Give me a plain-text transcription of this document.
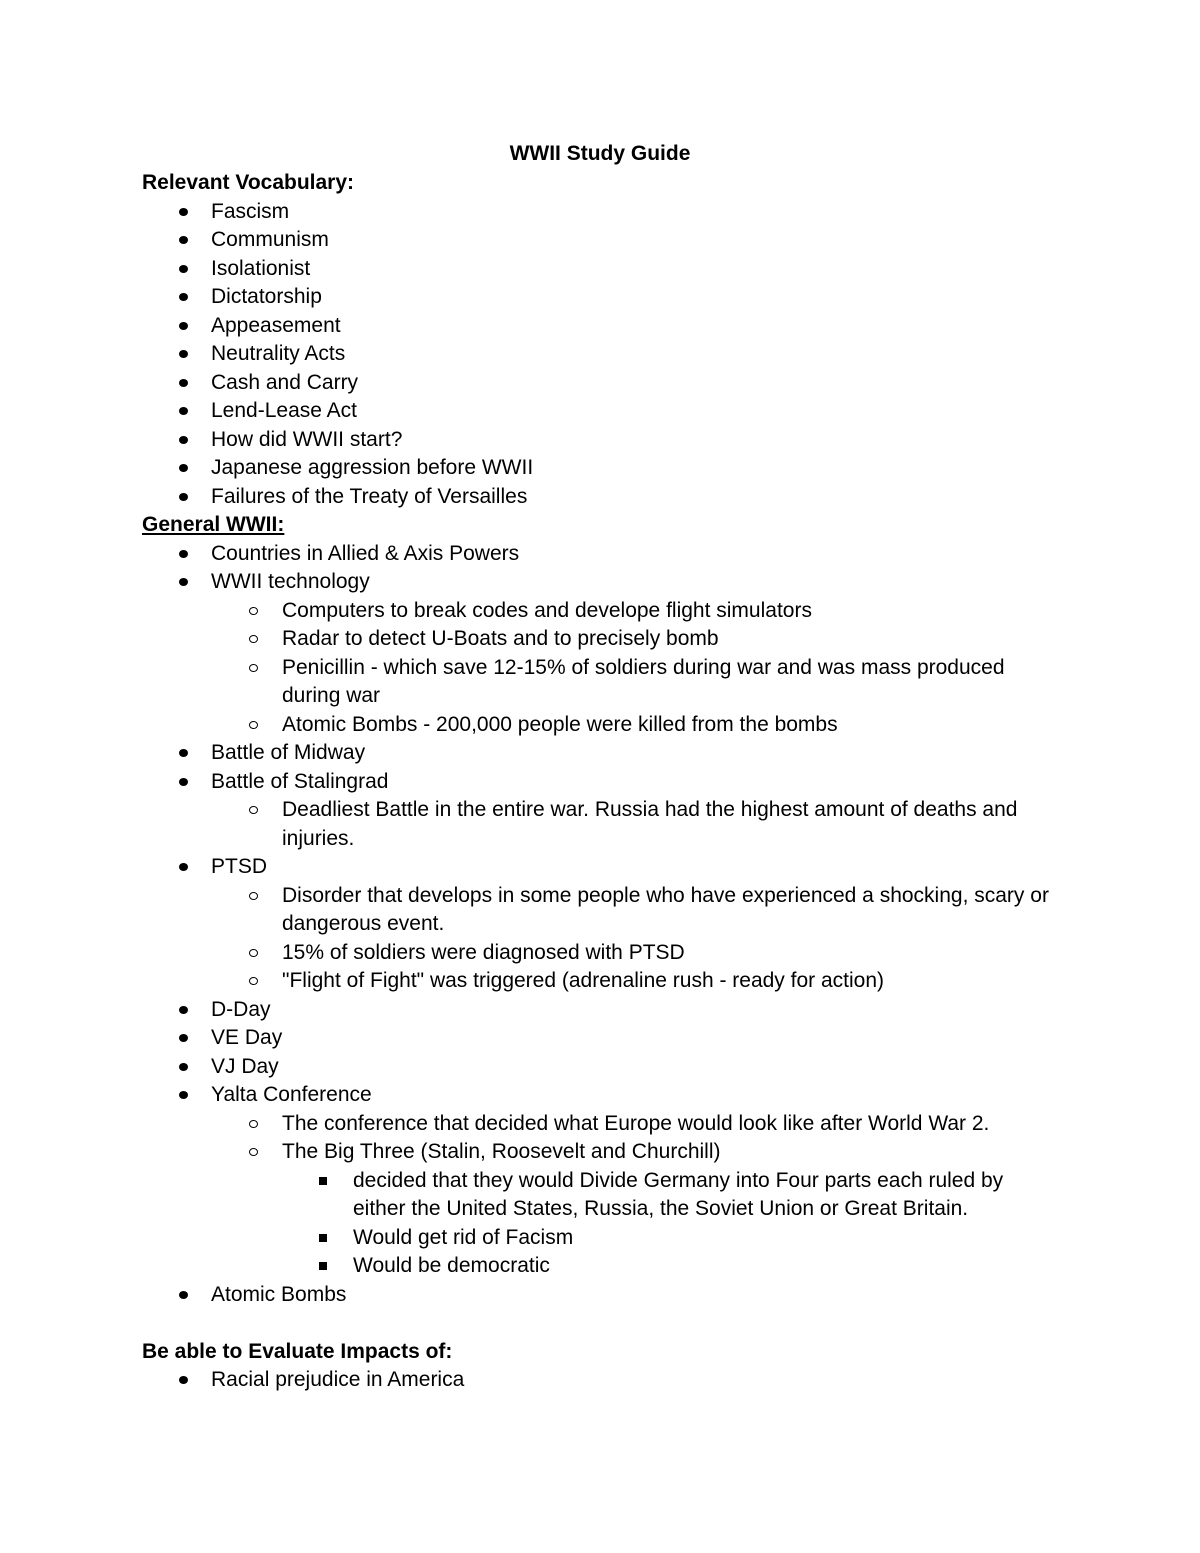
WWII Study Guide

Relevant Vocabulary:

Fascism
Communism
Isolationist
Dictatorship
Appeasement
Neutrality Acts
Cash and Carry
Lend-Lease Act
How did WWII start?
Japanese aggression before WWII
Failures of the Treaty of Versailles

General WWII:

Countries in Allied & Axis Powers
WWII technology
Computers to break codes and develope flight simulators
Radar to detect U-Boats and to precisely bomb
Penicillin - which save 12-15% of soldiers during war and was mass produced during war
Atomic Bombs - 200,000 people were killed from the bombs
Battle of Midway
Battle of Stalingrad
Deadliest Battle in the entire war. Russia had the highest amount of deaths and injuries.
PTSD
Disorder that develops in some people who have experienced a shocking, scary or dangerous event.
15% of soldiers were diagnosed with PTSD
"Flight of Fight" was triggered (adrenaline rush - ready for action)
D-Day
VE Day
VJ Day
Yalta Conference
The conference that decided what Europe would look like after World War 2.
The Big Three (Stalin, Roosevelt and Churchill)
decided that they would Divide Germany into Four parts each ruled by either the United States, Russia, the Soviet Union or Great Britain.
Would get rid of Facism
Would be democratic
Atomic Bombs

Be able to Evaluate Impacts of:

Racial prejudice in America
